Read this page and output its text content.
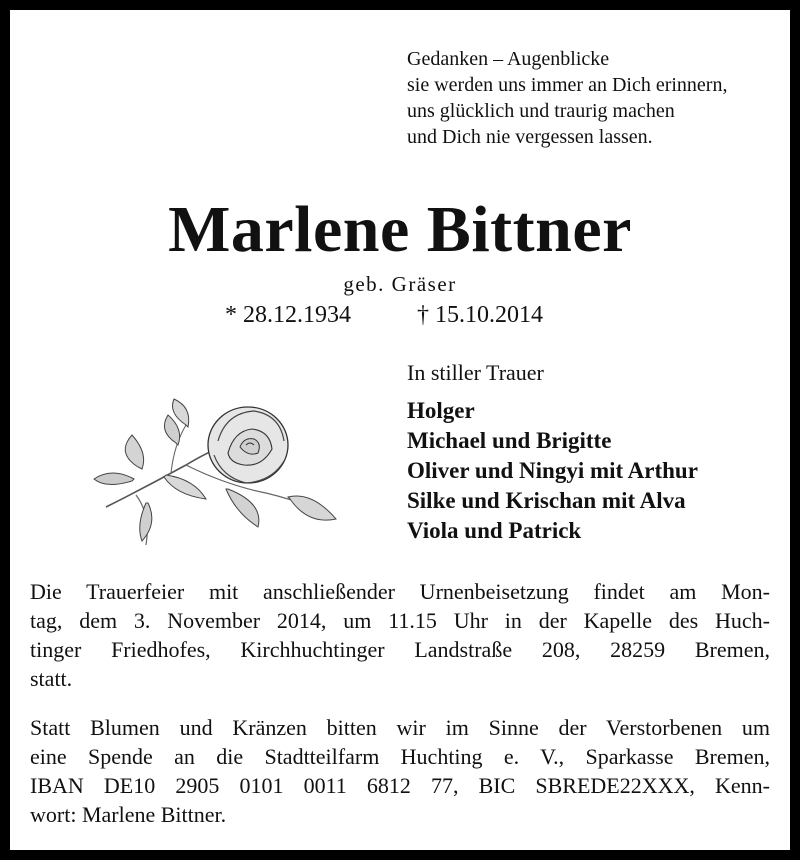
Gedanken – Augenblicke
sie werden uns immer an Dich erinnern,
uns glücklich und traurig machen
und Dich nie vergessen lassen.
Marlene Bittner
geb. Gräser
* 28.12.1934	† 15.10.2014
In stiller Trauer
Holger
Michael und Brigitte
Oliver und Ningyi mit Arthur
Silke und Krischan mit Alva
Viola und Patrick
Die Trauerfeier mit anschließender Urnenbeisetzung findet am Mon-
tag, dem 3. November 2014, um 11.15 Uhr in der Kapelle des Huch-
tinger Friedhofes, Kirchhuchtinger Landstraße 208, 28259 Bremen,
statt.
Statt Blumen und Kränzen bitten wir im Sinne der Verstorbenen um
eine Spende an die Stadtteilfarm Huchting e. V., Sparkasse Bremen,
IBAN DE10 2905 0101 0011 6812 77, BIC SBREDE22XXX, Kenn-
wort: Marlene Bittner.
